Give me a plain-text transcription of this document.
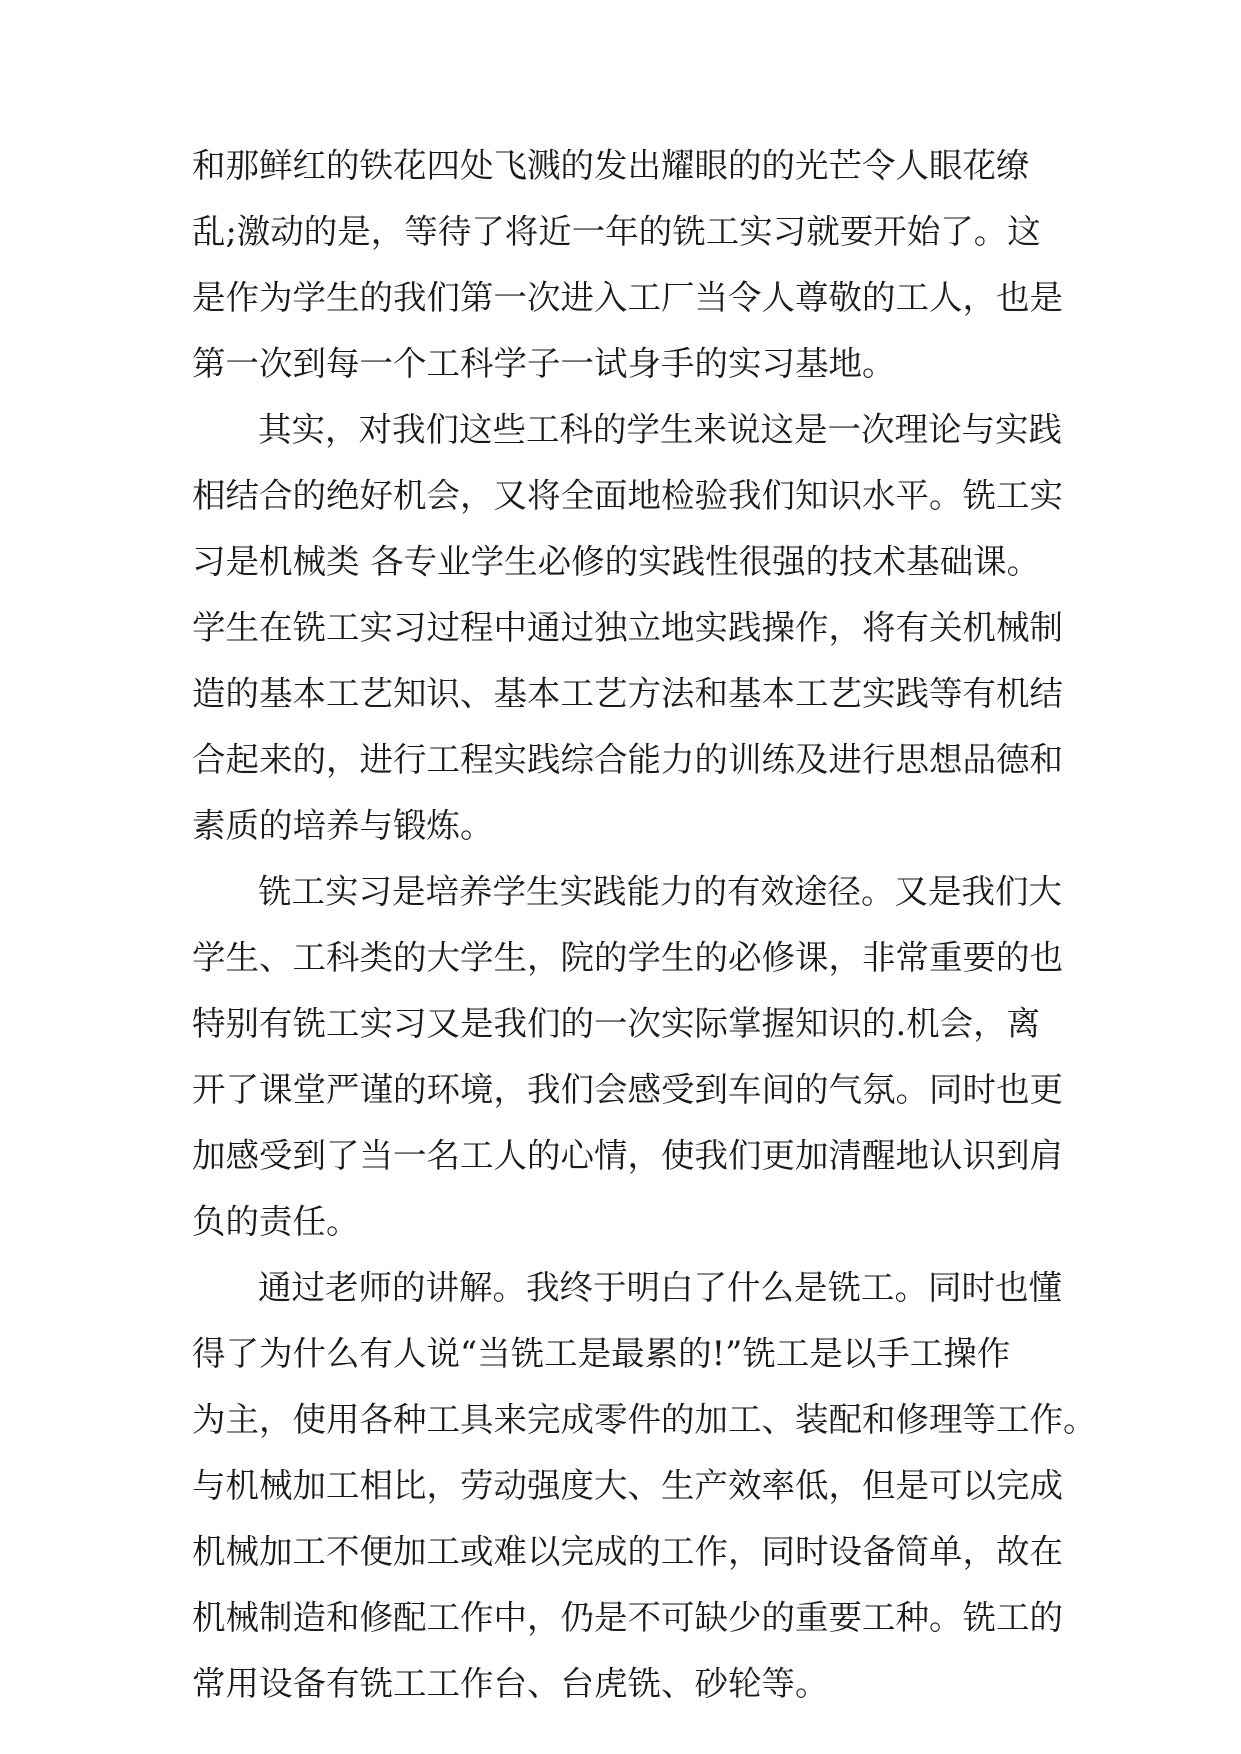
和那鲜红的铁花四处飞溅的发出耀眼的的光芒令人眼花缭
乱;激动的是，等待了将近一年的铣工实习就要开始了。这
是作为学生的我们第一次进入工厂当令人尊敬的工人，也是
第一次到每一个工科学子一试身手的实习基地。
其实，对我们这些工科的学生来说这是一次理论与实践
相结合的绝好机会，又将全面地检验我们知识水平。铣工实
习是机械类 各专业学生必修的实践性很强的技术基础课。
学生在铣工实习过程中通过独立地实践操作，将有关机械制
造的基本工艺知识、基本工艺方法和基本工艺实践等有机结
合起来的，进行工程实践综合能力的训练及进行思想品德和
素质的培养与锻炼。
铣工实习是培养学生实践能力的有效途径。又是我们大
学生、工科类的大学生，院的学生的必修课，非常重要的也
特别有铣工实习又是我们的一次实际掌握知识的.机会，离
开了课堂严谨的环境，我们会感受到车间的气氛。同时也更
加感受到了当一名工人的心情，使我们更加清醒地认识到肩
负的责任。
通过老师的讲解。我终于明白了什么是铣工。同时也懂
得了为什么有人说“当铣工是最累的!”铣工是以手工操作
为主，使用各种工具来完成零件的加工、装配和修理等工作。
与机械加工相比，劳动强度大、生产效率低，但是可以完成
机械加工不便加工或难以完成的工作，同时设备简单，故在
机械制造和修配工作中，仍是不可缺少的重要工种。铣工的
常用设备有铣工工作台、台虎铣、砂轮等。
